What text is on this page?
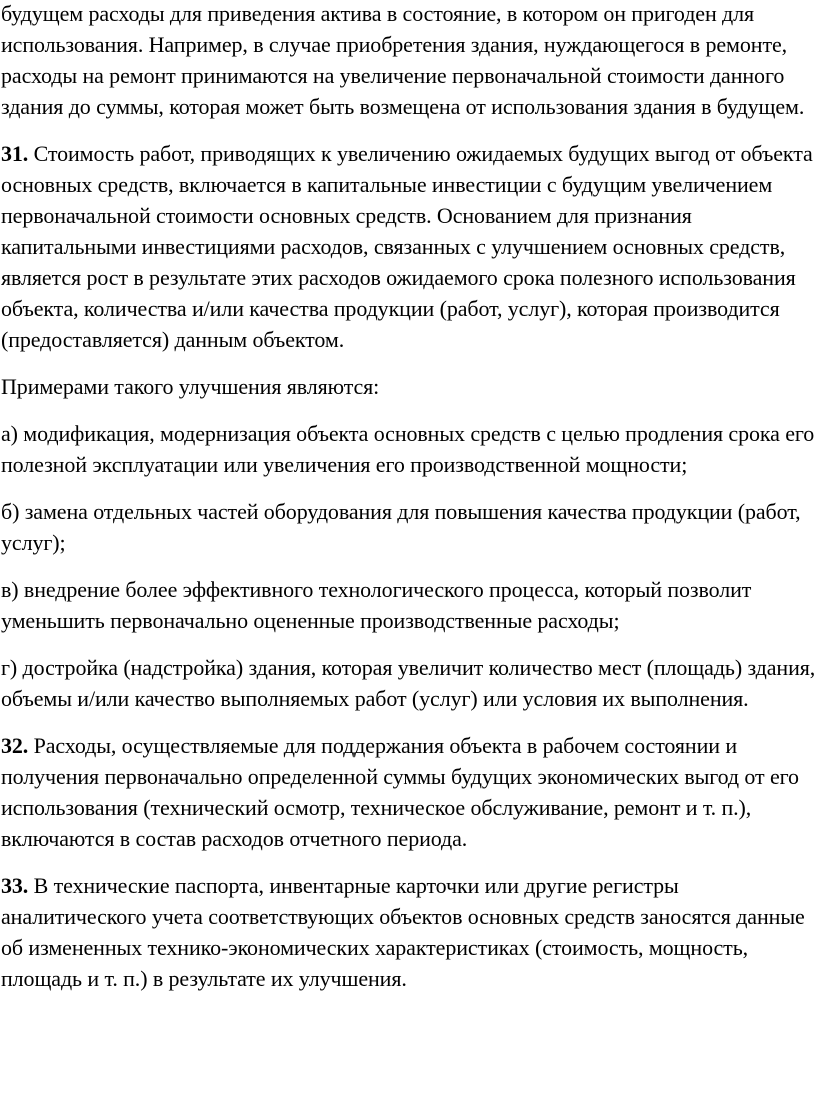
будущем расходы для приведения актива в состояние, в котором он пригоден для использования. Например, в случае приобретения здания, нуждающегося в ремонте, расходы на ремонт принимаются на увеличение первоначальной стоимости данного здания до суммы, которая может быть возмещена от использования здания в будущем.

31. Стоимость работ, приводящих к увеличению ожидаемых будущих выгод от объекта основных средств, включается в капитальные инвестиции с будущим увеличением первоначальной стоимости основных средств. Основанием для признания капитальными инвестициями расходов, связанных с улучшением основных средств, является рост в результате этих расходов ожидаемого срока полезного использования объекта, количества и/или качества продукции (работ, услуг), которая производится (предоставляется) данным объектом.

Примерами такого улучшения являются:

а) модификация, модернизация объекта основных средств с целью продления срока его полезной эксплуатации или увеличения его производственной мощности;

б) замена отдельных частей оборудования для повышения качества продукции (работ, услуг);

в) внедрение более эффективного технологического процесса, который позволит уменьшить первоначально оцененные производственные расходы;

г) достройка (надстройка) здания, которая увеличит количество мест (площадь) здания, объемы и/или качество выполняемых работ (услуг) или условия их выполнения.

32. Расходы, осуществляемые для поддержания объекта в рабочем состоянии и получения первоначально определенной суммы будущих экономических выгод от его использования (технический осмотр, техническое обслуживание, ремонт и т. п.), включаются в состав расходов отчетного периода.

33. В технические паспорта, инвентарные карточки или другие регистры аналитического учета соответствующих объектов основных средств заносятся данные об измененных технико-экономических характеристиках (стоимость, мощность, площадь и т. п.) в результате их улучшения.
